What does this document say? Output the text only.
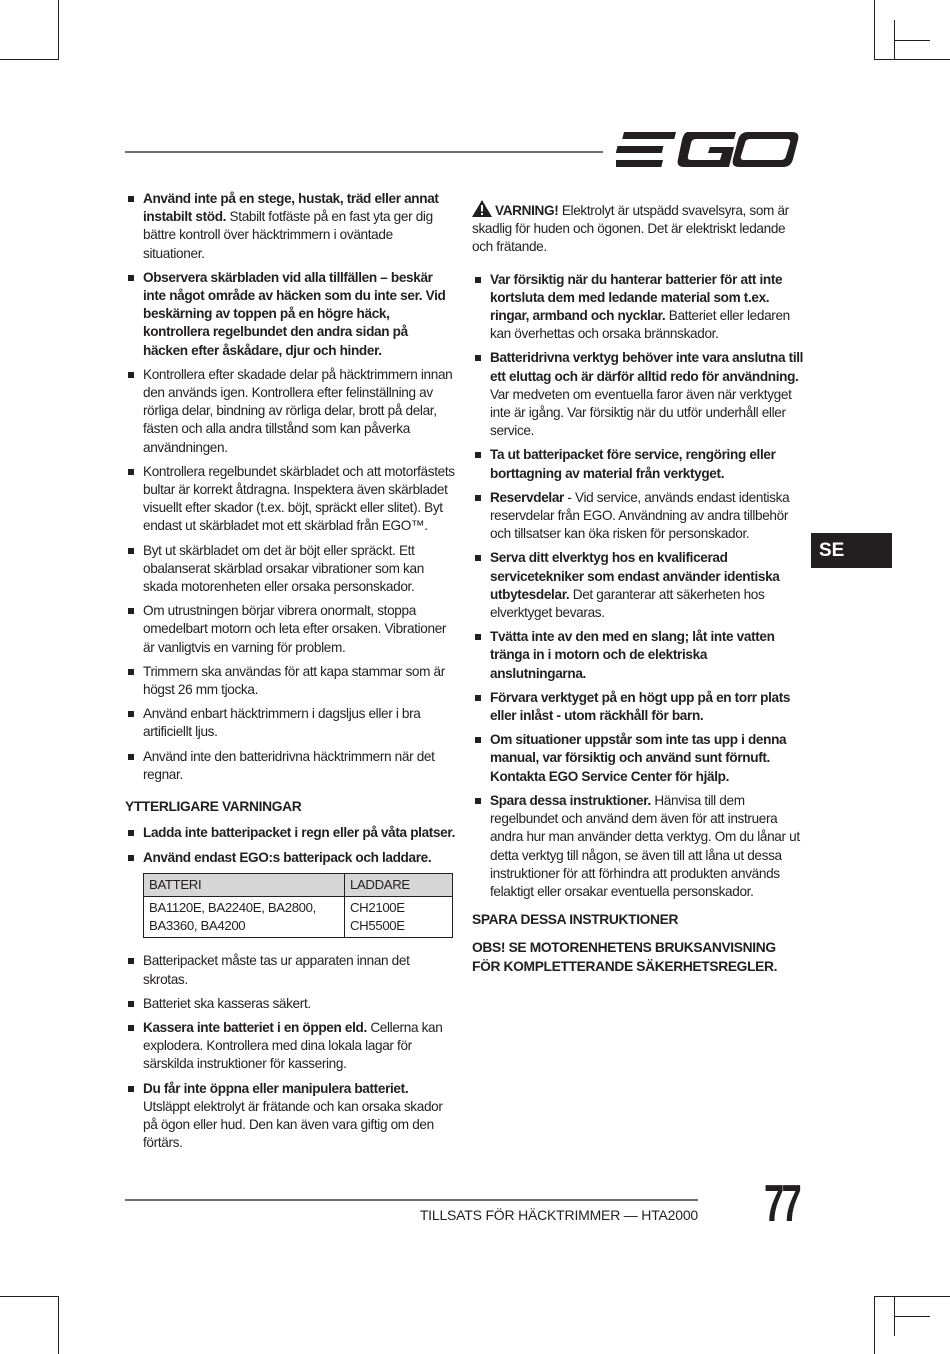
Använd inte på en stege, hustak, träd eller annat instabilt stöd. Stabilt fotfäste på en fast yta ger dig bättre kontroll över häcktrimmern i oväntade situationer.
Observera skärbladen vid alla tillfällen – beskär inte något område av häcken som du inte ser. Vid beskärning av toppen på en högre häck, kontrollera regelbundet den andra sidan på häcken efter åskådare, djur och hinder.
Kontrollera efter skadade delar på häcktrimmern innan den används igen. Kontrollera efter felinställning av rörliga delar, bindning av rörliga delar, brott på delar, fästen och alla andra tillstånd som kan påverka användningen.
Kontrollera regelbundet skärbladet och att motorfästets bultar är korrekt åtdragna. Inspektera även skärbladet visuellt efter skador (t.ex. böjt, spräckt eller slitet). Byt endast ut skärbladet mot ett skärblad från EGO™.
Byt ut skärbladet om det är böjt eller spräckt. Ett obalanserat skärblad orsakar vibrationer som kan skada motorenheten eller orsaka personskador.
Om utrustningen börjar vibrera onormalt, stoppa omedelbart motorn och leta efter orsaken. Vibrationer är vanligtvis en varning för problem.
Trimmern ska användas för att kapa stammar som är högst 26 mm tjocka.
Använd enbart häcktrimmern i dagsljus eller i bra artificiellt ljus.
Använd inte den batteridrivna häcktrimmern när det regnar.
YTTERLIGARE VARNINGAR
Ladda inte batteripacket i regn eller på våta platser.
Använd endast EGO:s batteripack och laddare.
BATTERI	LADDARE
BA1120E, BA2240E, BA2800, BA3360, BA4200	CH2100E CH5500E
Batteripacket måste tas ur apparaten innan det skrotas.
Batteriet ska kasseras säkert.
Kassera inte batteriet i en öppen eld. Cellerna kan explodera. Kontrollera med dina lokala lagar för särskilda instruktioner för kassering.
Du får inte öppna eller manipulera batteriet. Utsläppt elektrolyt är frätande och kan orsaka skador på ögon eller hud. Den kan även vara giftig om den förtärs.
VARNING! Elektrolyt är utspädd svavelsyra, som är skadlig för huden och ögonen. Det är elektriskt ledande och frätande.
Var försiktig när du hanterar batterier för att inte kortsluta dem med ledande material som t.ex. ringar, armband och nycklar. Batteriet eller ledaren kan överhettas och orsaka brännskador.
Batteridrivna verktyg behöver inte vara anslutna till ett eluttag och är därför alltid redo för användning. Var medveten om eventuella faror även när verktyget inte är igång. Var försiktig när du utför underhåll eller service.
Ta ut batteripacket före service, rengöring eller borttagning av material från verktyget.
Reservdelar - Vid service, används endast identiska reservdelar från EGO. Användning av andra tillbehör och tillsatser kan öka risken för personskador.
Serva ditt elverktyg hos en kvalificerad servicetekniker som endast använder identiska utbytesdelar. Det garanterar att säkerheten hos elverktyget bevaras.
Tvätta inte av den med en slang; låt inte vatten tränga in i motorn och de elektriska anslutningarna.
Förvara verktyget på en högt upp på en torr plats eller inlåst - utom räckhåll för barn.
Om situationer uppstår som inte tas upp i denna manual, var försiktig och använd sunt förnuft. Kontakta EGO Service Center för hjälp.
Spara dessa instruktioner. Hänvisa till dem regelbundet och använd dem även för att instruera andra hur man använder detta verktyg. Om du lånar ut detta verktyg till någon, se även till att låna ut dessa instruktioner för att förhindra att produkten används felaktigt eller orsakar eventuella personskador.
SPARA DESSA INSTRUKTIONER
OBS! SE MOTORENHETENS BRUKSANVISNING FÖR KOMPLETTERANDE SÄKERHETSREGLER.
SE
TILLSATS FÖR HÄCKTRIMMER — HTA2000 77
